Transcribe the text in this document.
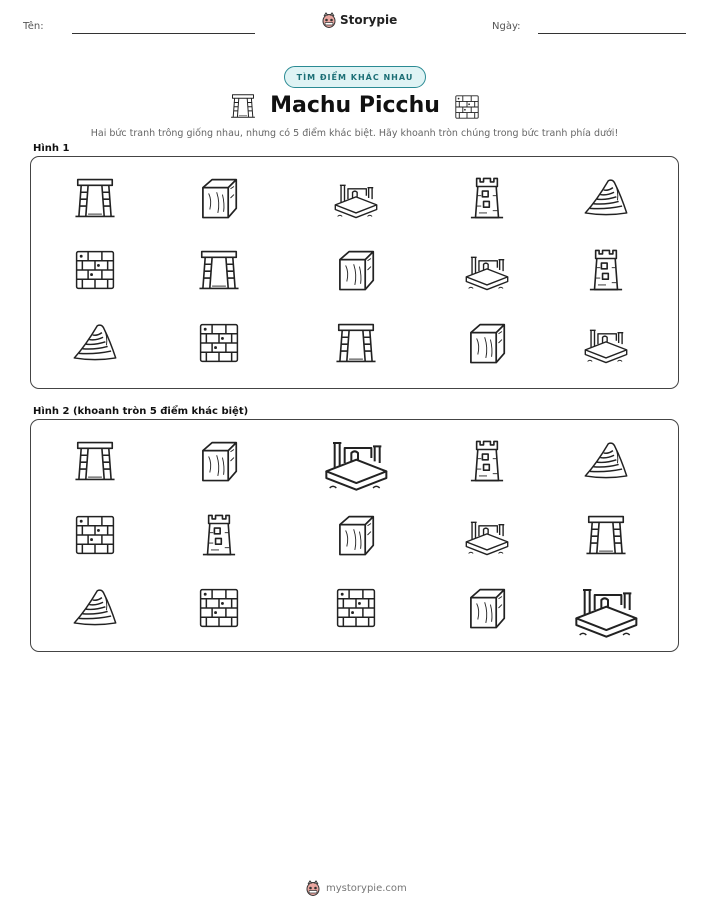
Tên:	Storypie	Ngày:
TÌM ĐIỂM KHÁC NHAU
Machu Picchu
Hai bức tranh trông giống nhau, nhưng có 5 điểm khác biệt. Hãy khoanh tròn chúng trong bức tranh phía dưới!
Hình 1
Hình 2 (khoanh tròn 5 điểm khác biệt)
mystorypie.com
